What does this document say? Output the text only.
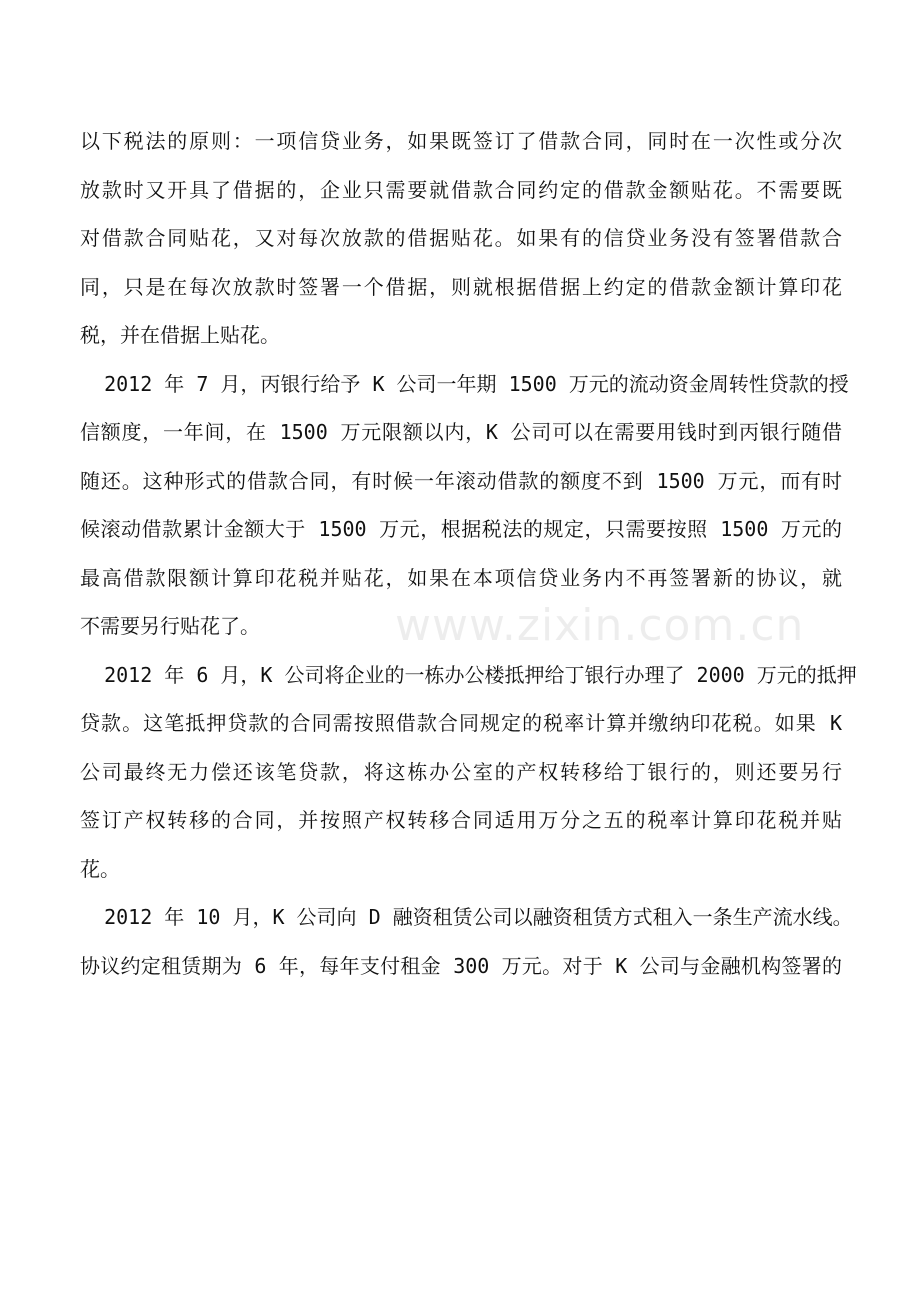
www.zixin.com.cn
以下税法的原则：一项信贷业务，如果既签订了借款合同，同时在一次性或分次
放款时又开具了借据的，企业只需要就借款合同约定的借款金额贴花。不需要既
对借款合同贴花，又对每次放款的借据贴花。如果有的信贷业务没有签署借款合
同，只是在每次放款时签署一个借据，则就根据借据上约定的借款金额计算印花
税，并在借据上贴花。
2012 年 7 月，丙银行给予 K 公司一年期 1500 万元的流动资金周转性贷款的授
信额度，一年间，在 1500 万元限额以内，K 公司可以在需要用钱时到丙银行随借
随还。这种形式的借款合同，有时候一年滚动借款的额度不到 1500 万元，而有时
候滚动借款累计金额大于 1500 万元，根据税法的规定，只需要按照 1500 万元的
最高借款限额计算印花税并贴花，如果在本项信贷业务内不再签署新的协议，就
不需要另行贴花了。
2012 年 6 月，K 公司将企业的一栋办公楼抵押给丁银行办理了 2000 万元的抵押
贷款。这笔抵押贷款的合同需按照借款合同规定的税率计算并缴纳印花税。如果 K
公司最终无力偿还该笔贷款，将这栋办公室的产权转移给丁银行的，则还要另行
签订产权转移的合同，并按照产权转移合同适用万分之五的税率计算印花税并贴
花。
2012 年 10 月，K 公司向 D 融资租赁公司以融资租赁方式租入一条生产流水线。
协议约定租赁期为 6 年，每年支付租金 300 万元。对于 K 公司与金融机构签署的
